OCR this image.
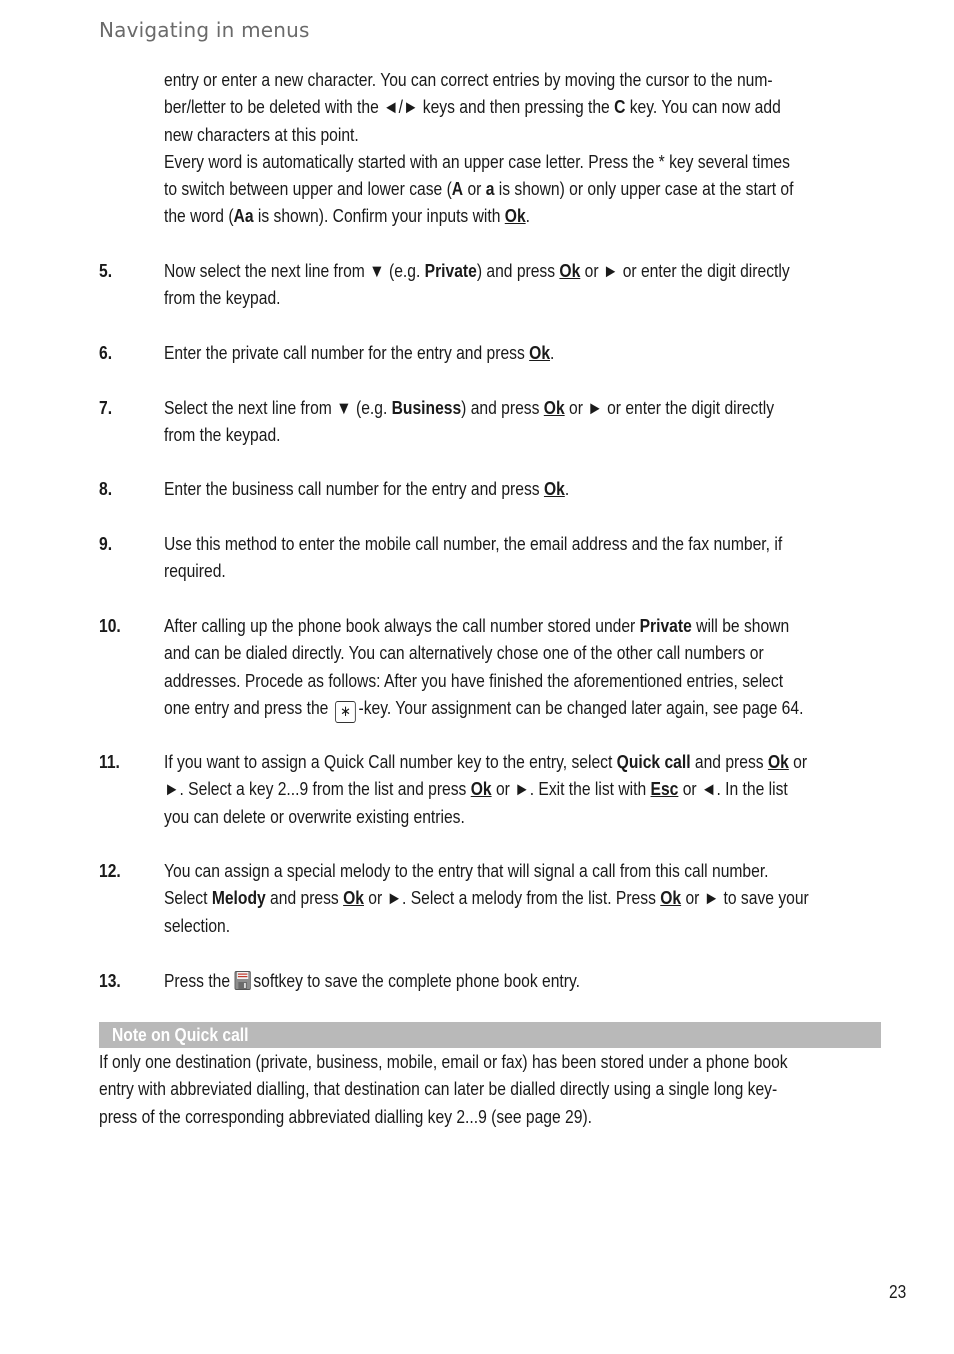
Navigating in menus
entry or enter a new character. You can correct entries by moving the cursor to the num-
ber/letter to be deleted with the ◄/► keys and then pressing the C key. You can now add
new characters at this point.
Every word is automatically started with an upper case letter. Press the * key several times
to switch between upper and lower case (A or a is shown) or only upper case at the start of
the word (Aa is shown). Confirm your inputs with Ok.
5.	Now select the next line from ▼ (e.g. Private) and press Ok or ► or enter the digit directly
from the keypad.
6.	Enter the private call number for the entry and press Ok.
7.	Select the next line from ▼ (e.g. Business) and press Ok or ► or enter the digit directly
from the keypad.
8.	Enter the business call number for the entry and press Ok.
9.	Use this method to enter the mobile call number, the email address and the fax number, if
required.
10. After calling up the phone book always the call number stored under Private will be shown
and can be dialed directly. You can alternatively chose one of the other call numbers or
addresses. Procede as follows: After you have finished the aforementioned entries, select
one entry and press the ∗ -key. Your assignment can be changed later again, see page 64.
11. If you want to assign a Quick Call number key to the entry, select Quick call and press Ok or
►. Select a key 2...9 from the list and press Ok or ►. Exit the list with Esc or ◄. In the list
you can delete or overwrite existing entries.
12. You can assign a special melody to the entry that will signal a call from this call number.
Select Melody and press Ok or ►. Select a melody from the list. Press Ok or ► to save your
selection.
13. Press the softkey to save the complete phone book entry.
Note on Quick call
If only one destination (private, business, mobile, email or fax) has been stored under a phone book
entry with abbreviated dialling, that destination can later be dialled directly using a single long key-
press of the corresponding abbreviated dialling key 2...9 (see page 29).
23
